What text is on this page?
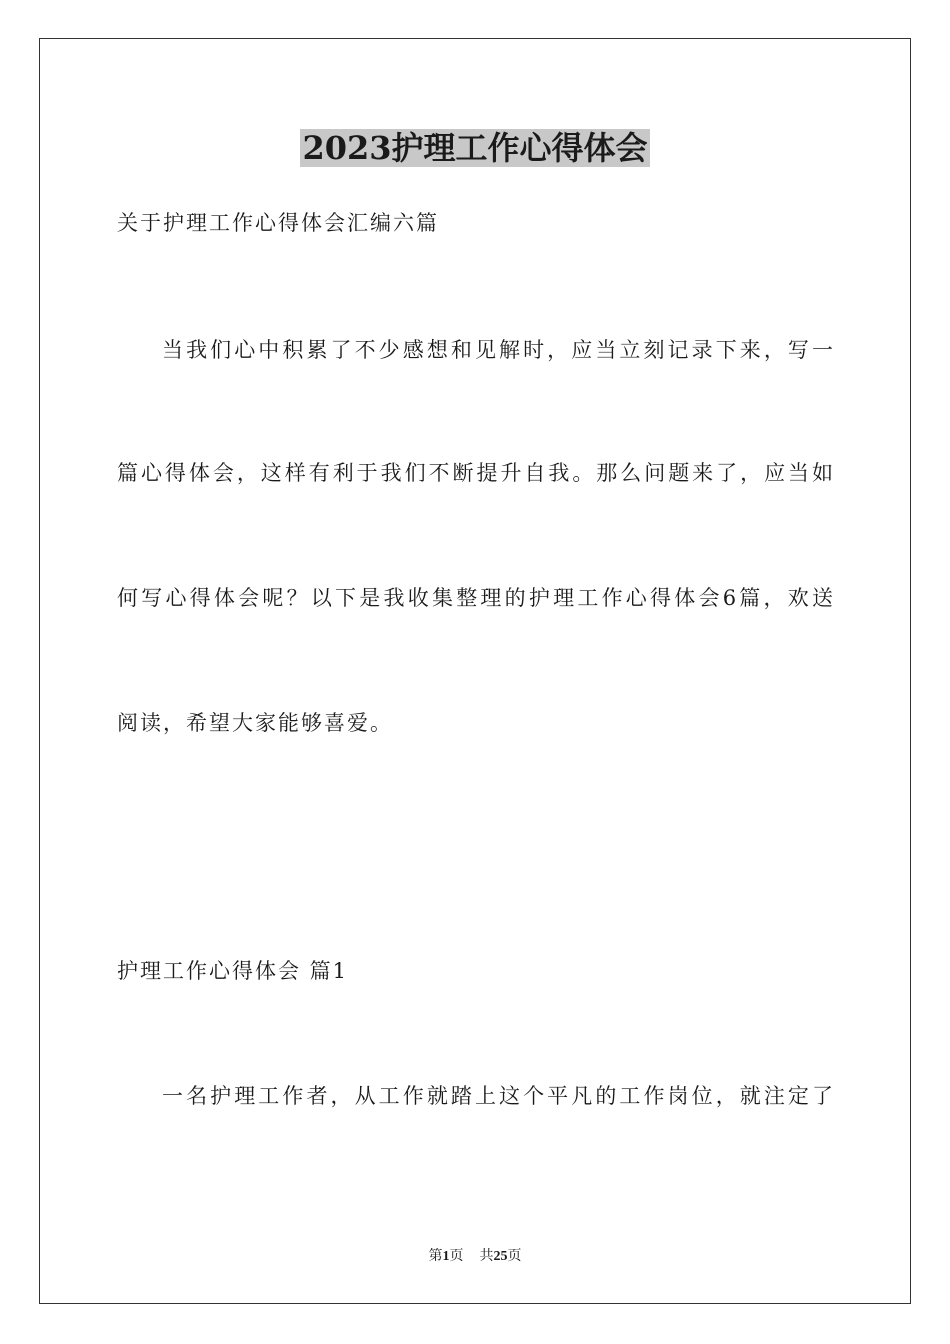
2023护理工作心得体会
关于护理工作心得体会汇编六篇
当我们心中积累了不少感想和见解时，应当立刻记录下来，写一
篇心得体会，这样有利于我们不断提升自我。那么问题来了，应当如
何写心得体会呢？以下是我收集整理的护理工作心得体会6篇，欢送
阅读，希望大家能够喜爱。
护理工作心得体会 篇1
一名护理工作者，从工作就踏上这个平凡的工作岗位，就注定了
第1页 共25页
